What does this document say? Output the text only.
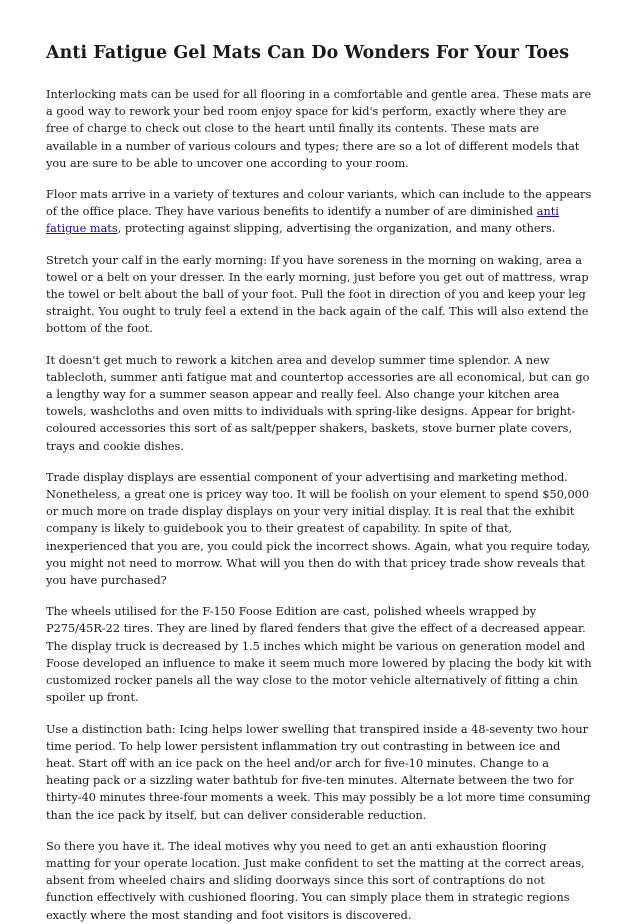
Anti Fatigue Gel Mats Can Do Wonders For Your Toes

Interlocking mats can be used for all flooring in a comfortable and gentle area. These mats are a good way to rework your bed room enjoy space for kid's perform, exactly where they are free of charge to check out close to the heart until finally its contents. These mats are available in a number of various colours and types; there are so a lot of different models that you are sure to be able to uncover one according to your room.

Floor mats arrive in a variety of textures and colour variants, which can include to the appears of the office place. They have various benefits to identify a number of are diminished anti fatigue mats, protecting against slipping, advertising the organization, and many others.

Stretch your calf in the early morning: If you have soreness in the morning on waking, area a towel or a belt on your dresser. In the early morning, just before you get out of mattress, wrap the towel or belt about the ball of your foot. Pull the foot in direction of you and keep your leg straight. You ought to truly feel a extend in the back again of the calf. This will also extend the bottom of the foot.

It doesn't get much to rework a kitchen area and develop summer time splendor. A new tablecloth, summer anti fatigue mat and countertop accessories are all economical, but can go a lengthy way for a summer season appear and really feel. Also change your kitchen area towels, washcloths and oven mitts to individuals with spring-like designs. Appear for bright-coloured accessories this sort of as salt/pepper shakers, baskets, stove burner plate covers, trays and cookie dishes.

Trade display displays are essential component of your advertising and marketing method. Nonetheless, a great one is pricey way too. It will be foolish on your element to spend $50,000 or much more on trade display displays on your very initial display. It is real that the exhibit company is likely to guidebook you to their greatest of capability. In spite of that, inexperienced that you are, you could pick the incorrect shows. Again, what you require today, you might not need to morrow. What will you then do with that pricey trade show reveals that you have purchased?

The wheels utilised for the F-150 Foose Edition are cast, polished wheels wrapped by P275/45R-22 tires. They are lined by flared fenders that give the effect of a decreased appear. The display truck is decreased by 1.5 inches which might be various on generation model and Foose developed an influence to make it seem much more lowered by placing the body kit with customized rocker panels all the way close to the motor vehicle alternatively of fitting a chin spoiler up front.

Use a distinction bath: Icing helps lower swelling that transpired inside a 48-seventy two hour time period. To help lower persistent inflammation try out contrasting in between ice and heat. Start off with an ice pack on the heel and/or arch for five-10 minutes. Change to a heating pack or a sizzling water bathtub for five-ten minutes. Alternate between the two for thirty-40 minutes three-four moments a week. This may possibly be a lot more time consuming than the ice pack by itself, but can deliver considerable reduction.

So there you have it. The ideal motives why you need to get an anti exhaustion flooring matting for your operate location. Just make confident to set the matting at the correct areas, absent from wheeled chairs and sliding doorways since this sort of contraptions do not function effectively with cushioned flooring. You can simply place them in strategic regions exactly where the most standing and foot visitors is discovered.
